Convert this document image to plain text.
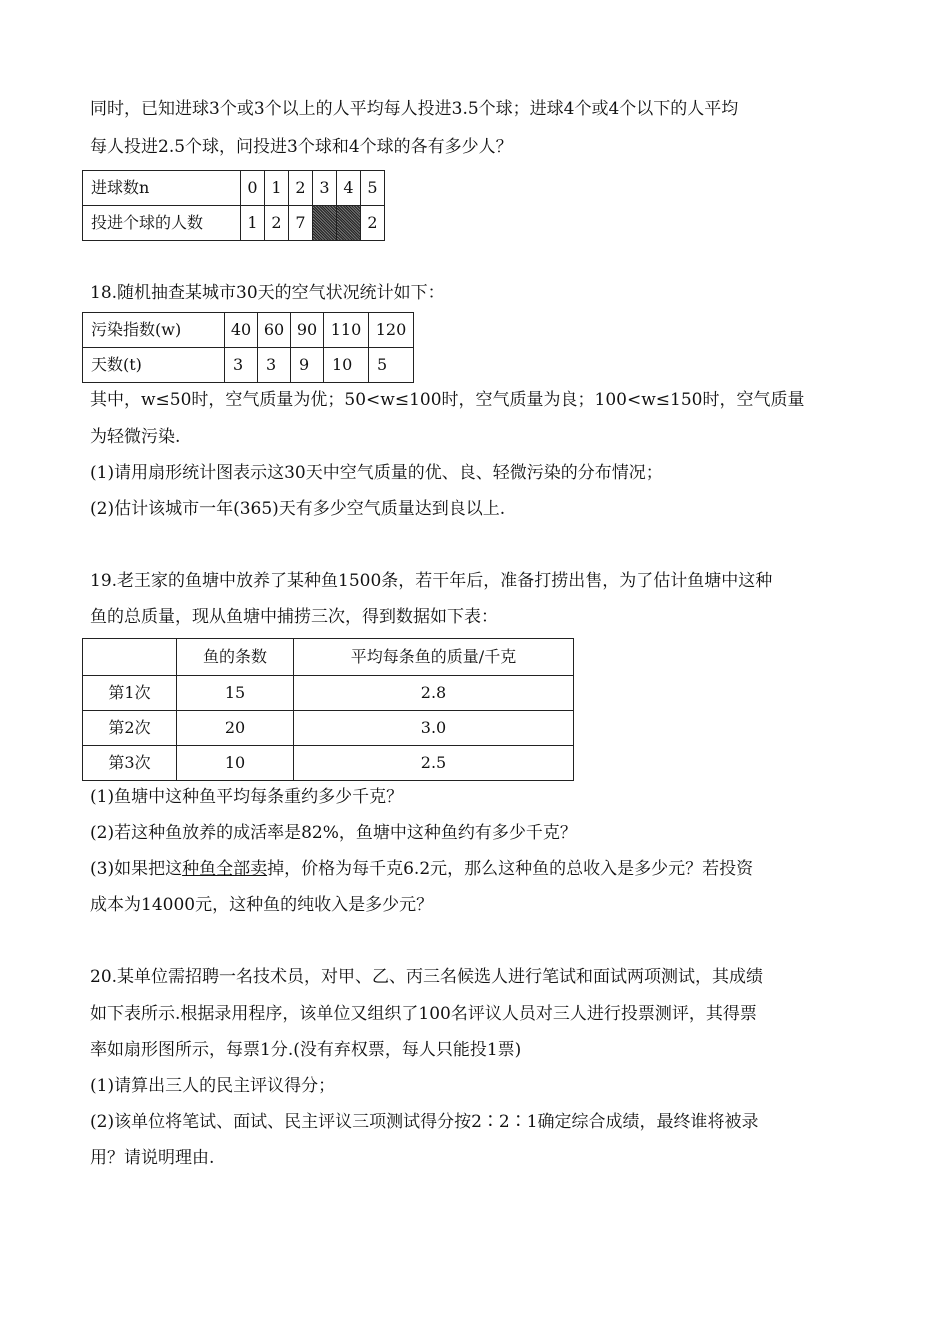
同时，已知进球3个或3个以上的人平均每人投进3.5个球；进球4个或4个以下的人平均
每人投进2.5个球，问投进3个球和4个球的各有多少人？
进球数n	0	1	2	3	4	5
投进个球的人数	1	2	7			2
18.随机抽查某城市30天的空气状况统计如下：
污染指数(w)	40	60	90	110	120
天数(t)	3	3	9	10	5
其中，w≤50时，空气质量为优；50<w≤100时，空气质量为良；100<w≤150时，空气质量
为轻微污染.
(1)请用扇形统计图表示这30天中空气质量的优、良、轻微污染的分布情况；
(2)估计该城市一年(365)天有多少空气质量达到良以上.
19.老王家的鱼塘中放养了某种鱼1500条，若干年后，准备打捞出售，为了估计鱼塘中这种
鱼的总质量，现从鱼塘中捕捞三次，得到数据如下表：
	鱼的条数	平均每条鱼的质量/千克
第1次	15	2.8
第2次	20	3.0
第3次	10	2.5
(1)鱼塘中这种鱼平均每条重约多少千克？
(2)若这种鱼放养的成活率是82%，鱼塘中这种鱼约有多少千克？
(3)如果把这种鱼全部卖掉，价格为每千克6.2元，那么这种鱼的总收入是多少元？若投资
成本为14000元，这种鱼的纯收入是多少元？
20.某单位需招聘一名技术员，对甲、乙、丙三名候选人进行笔试和面试两项测试，其成绩
如下表所示.根据录用程序，该单位又组织了100名评议人员对三人进行投票测评，其得票
率如扇形图所示，每票1分.(没有弃权票，每人只能投1票)
(1)请算出三人的民主评议得分；
(2)该单位将笔试、面试、民主评议三项测试得分按2∶2∶1确定综合成绩，最终谁将被录
用？请说明理由.
